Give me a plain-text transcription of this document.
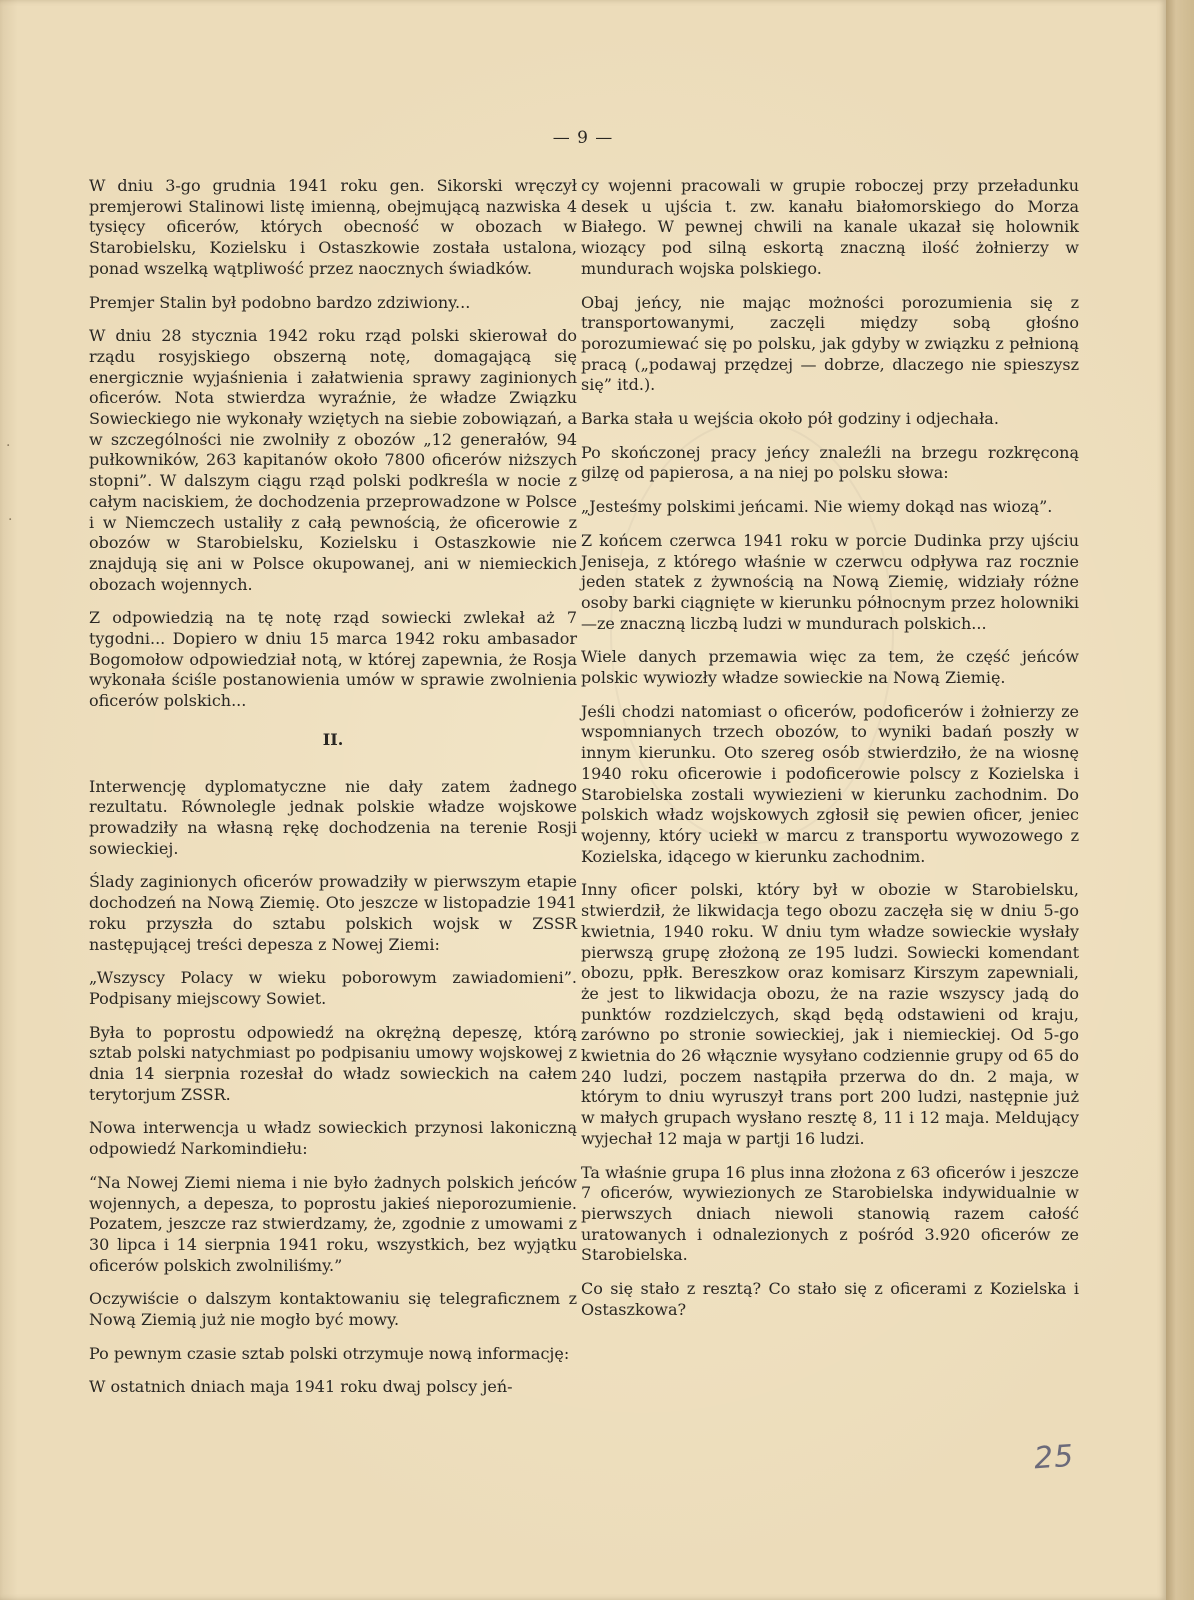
·
·
— 9 —

W dniu 3-go grudnia 1941 roku gen. Sikorski wręczył premjerowi Stalinowi listę imienną, obejmującą nazwiska 4 tysięcy oficerów, których obecność w obozach w Starobielsku, Kozielsku i Ostaszkowie została ustalona, ponad wszelką wątpliwość przez naocznych świadków.

Premjer Stalin był podobno bardzo zdziwiony...

W dniu 28 stycznia 1942 roku rząd polski skierował do rządu rosyjskiego obszerną notę, domagającą się energicznie wyjaśnienia i załatwienia sprawy zaginionych oficerów. Nota stwierdza wyraźnie, że władze Związku Sowieckiego nie wykonały wziętych na siebie zobowiązań, a w szczególności nie zwolniły z obozów „12 generałów, 94 pułkowników, 263 kapitanów około 7800 oficerów niższych stopni”. W dalszym ciągu rząd polski podkreśla w nocie z całym naciskiem, że dochodzenia przeprowadzone w Polsce i w Niemczech ustaliły z całą pewnością, że oficerowie z obozów w Starobielsku, Kozielsku i Ostaszkowie nie znajdują się ani w Polsce okupowanej, ani w niemieckich obozach wojennych.

Z odpowiedzią na tę notę rząd sowiecki zwlekał aż 7 tygodni... Dopiero w dniu 15 marca 1942 roku ambasador Bogomołow odpowiedział notą, w której zapewnia, że Rosja wykonała ściśle postanowienia umów w sprawie zwolnienia oficerów polskich...

II.

Interwencję dyplomatyczne nie dały zatem żadnego rezultatu. Równolegle jednak polskie władze wojskowe prowadziły na własną rękę dochodzenia na terenie Rosji sowieckiej.

Ślady zaginionych oficerów prowadziły w pierwszym etapie dochodzeń na Nową Ziemię. Oto jeszcze w listopadzie 1941 roku przyszła do sztabu polskich wojsk w ZSSR następującej treści depesza z Nowej Ziemi:

„Wszyscy Polacy w wieku poborowym zawiadomieni”. Podpisany miejscowy Sowiet.

Była to poprostu odpowiedź na okrężną depeszę, którą sztab polski natychmiast po podpisaniu umowy wojskowej z dnia 14 sierpnia rozesłał do władz sowieckich na całem terytorjum ZSSR.

Nowa interwencja u władz sowieckich przynosi lakoniczną odpowiedź Narkomindiełu:

“Na Nowej Ziemi niema i nie było żadnych polskich jeńców wojennych, a depesza, to poprostu jakieś nieporozumienie. Pozatem, jeszcze raz stwierdzamy, że, zgodnie z umowami z 30 lipca i 14 sierpnia 1941 roku, wszystkich, bez wyjątku oficerów polskich zwolniliśmy.”

Oczywiście o dalszym kontaktowaniu się telegraficznem z Nową Ziemią już nie mogło być mowy.

Po pewnym czasie sztab polski otrzymuje nową informację:

W ostatnich dniach maja 1941 roku dwaj polscy jeń-

cy wojenni pracowali w grupie roboczej przy przeładunku desek u ujścia t. zw. kanału białomorskiego do Morza Białego. W pewnej chwili na kanale ukazał się holownik wiozący pod silną eskortą znaczną ilość żołnierzy w mundurach wojska polskiego.

Obaj jeńcy, nie mając możności porozumienia się z transportowanymi, zaczęli między sobą głośno porozumiewać się po polsku, jak gdyby w związku z pełnioną pracą („podawaj przędzej — dobrze, dlaczego nie spieszysz się” itd.).

Barka stała u wejścia około pół godziny i odjechała.

Po skończonej pracy jeńcy znaleźli na brzegu rozkręconą gilzę od papierosa, a na niej po polsku słowa:

„Jesteśmy polskimi jeńcami. Nie wiemy dokąd nas wiozą”.

Z końcem czerwca 1941 roku w porcie Dudinka przy ujściu Jeniseja, z którego właśnie w czerwcu odpływa raz rocznie jeden statek z żywnością na Nową Ziemię, widziały różne osoby barki ciągnięte w kierunku północnym przez holowniki —ze znaczną liczbą ludzi w mundurach polskich...

Wiele danych przemawia więc za tem, że część jeńców polskic wywiozły władze sowieckie na Nową Ziemię.

Jeśli chodzi natomiast o oficerów, podoficerów i żołnierzy ze wspomnianych trzech obozów, to wyniki badań poszły w innym kierunku. Oto szereg osób stwierdziło, że na wiosnę 1940 roku oficerowie i podoficerowie polscy z Kozielska i Starobielska zostali wywiezieni w kierunku zachodnim. Do polskich władz wojskowych zgłosił się pewien oficer, jeniec wojenny, który uciekł w marcu z transportu wywozowego z Kozielska, idącego w kierunku zachodnim.

Inny oficer polski, który był w obozie w Starobielsku, stwierdził, że likwidacja tego obozu zaczęła się w dniu 5-go kwietnia, 1940 roku. W dniu tym władze sowieckie wysłały pierwszą grupę złożoną ze 195 ludzi. Sowiecki komendant obozu, ppłk. Bereszkow oraz komisarz Kirszym zapewniali, że jest to likwidacja obozu, że na razie wszyscy jadą do punktów rozdzielczych, skąd będą odstawieni od kraju, zarówno po stronie sowieckiej, jak i niemieckiej. Od 5-go kwietnia do 26 włącznie wysyłano codziennie grupy od 65 do 240 ludzi, poczem nastąpiła przerwa do dn. 2 maja, w którym to dniu wyruszył trans port 200 ludzi, następnie już w małych grupach wysłano resztę 8, 11 i 12 maja. Meldujący wyjechał 12 maja w partji 16 ludzi.

Ta właśnie grupa 16 plus inna złożona z 63 oficerów i jeszcze 7 oficerów, wywiezionych ze Starobielska indywidualnie w pierwszych dniach niewoli stanowią razem całość uratowanych i odnalezionych z pośród 3.920 oficerów ze Starobielska.

Co się stało z resztą? Co stało się z oficerami z Kozielska i Ostaszkowa?

25
